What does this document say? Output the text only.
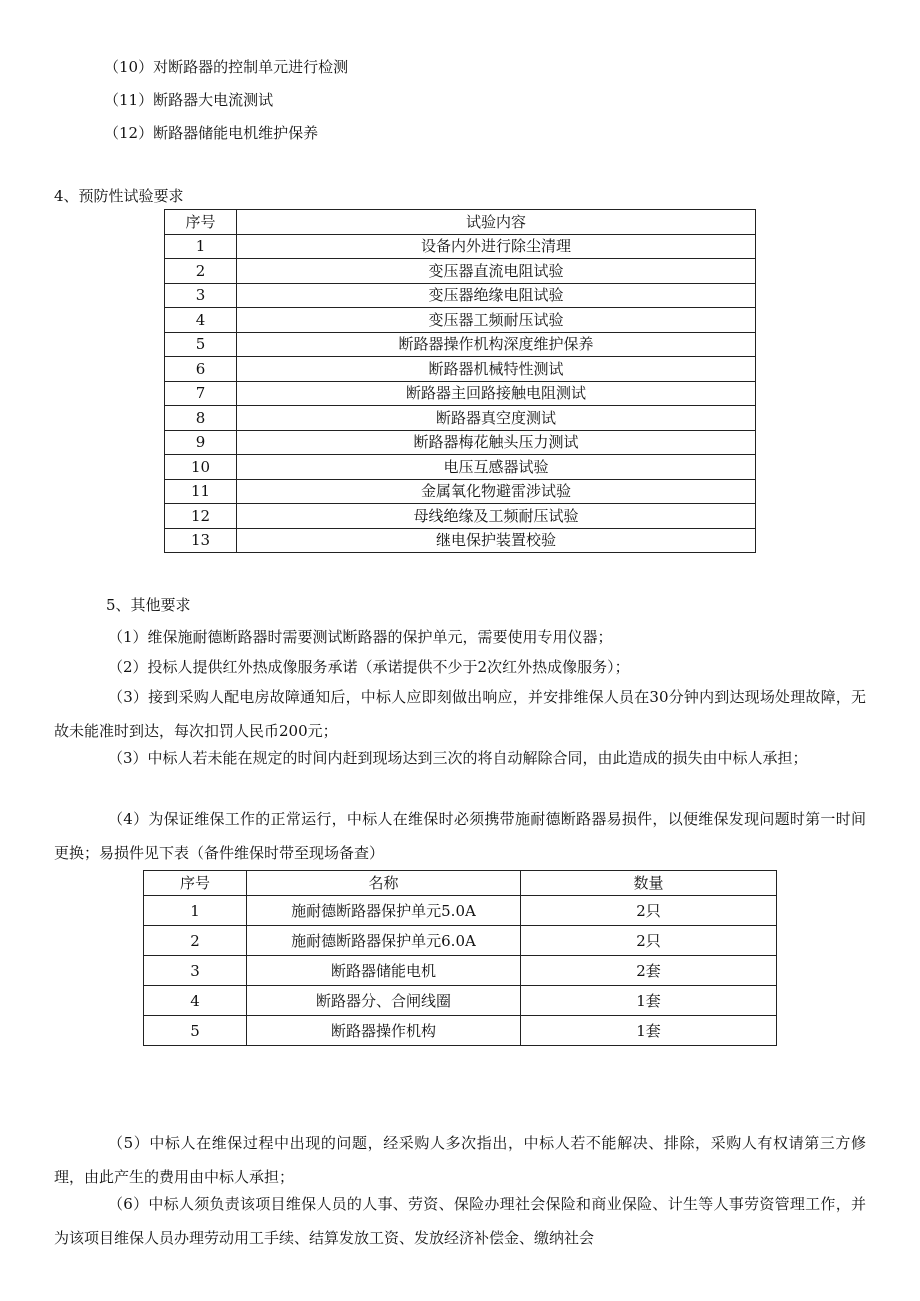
（10）对断路器的控制单元进行检测
（11）断路器大电流测试
（12）断路器储能电机维护保养
4、预防性试验要求
序号	试验内容
1	设备内外进行除尘清理
2	变压器直流电阻试验
3	变压器绝缘电阻试验
4	变压器工频耐压试验
5	断路器操作机构深度维护保养
6	断路器机械特性测试
7	断路器主回路接触电阻测试
8	断路器真空度测试
9	断路器梅花触头压力测试
10	电压互感器试验
11	金属氧化物避雷涉试验
12	母线绝缘及工频耐压试验
13	继电保护装置校验
5、其他要求
（1）维保施耐德断路器时需要测试断路器的保护单元，需要使用专用仪器；
（2）投标人提供红外热成像服务承诺（承诺提供不少于2次红外热成像服务）；
（3）接到采购人配电房故障通知后，中标人应即刻做出响应，并安排维保人员在30分钟内到达现场处理故障，无故未能准时到达，每次扣罚人民币200元；
（3）中标人若未能在规定的时间内赶到现场达到三次的将自动解除合同，由此造成的损失由中标人承担；
（4）为保证维保工作的正常运行，中标人在维保时必须携带施耐德断路器易损件，以便维保发现问题时第一时间更换；易损件见下表（备件维保时带至现场备查）
序号	名称	数量
1	施耐德断路器保护单元5.0A	2只
2	施耐德断路器保护单元6.0A	2只
3	断路器储能电机	2套
4	断路器分、合闸线圈	1套
5	断路器操作机构	1套
（5）中标人在维保过程中出现的问题，经采购人多次指出，中标人若不能解决、排除，采购人有权请第三方修理，由此产生的费用由中标人承担；
（6）中标人须负责该项目维保人员的人事、劳资、保险办理社会保险和商业保险、计生等人事劳资管理工作，并为该项目维保人员办理劳动用工手续、结算发放工资、发放经济补偿金、缴纳社会
